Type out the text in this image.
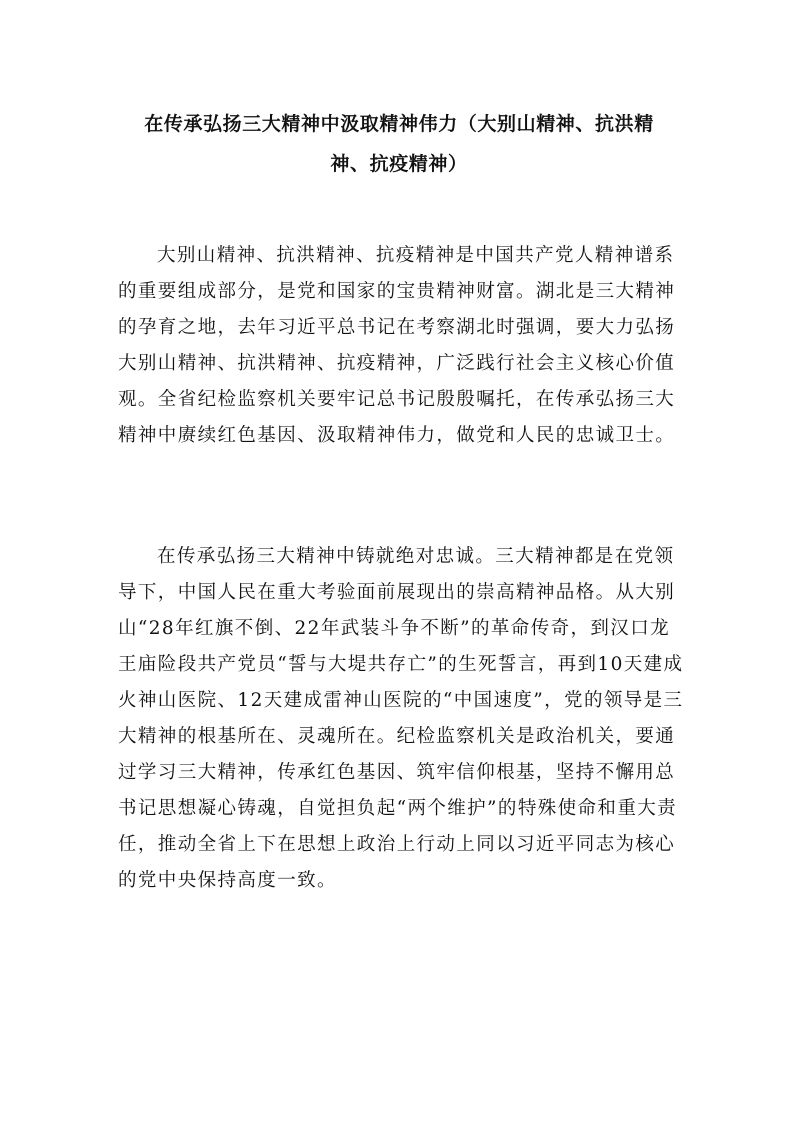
在传承弘扬三大精神中汲取精神伟力（大别山精神、抗洪精
神、抗疫精神）

大别山精神、抗洪精神、抗疫精神是中国共产党人精神谱系的重要组成部分，是党和国家的宝贵精神财富。湖北是三大精神的孕育之地，去年习近平总书记在考察湖北时强调，要大力弘扬大别山精神、抗洪精神、抗疫精神，广泛践行社会主义核心价值观。全省纪检监察机关要牢记总书记殷殷嘱托，在传承弘扬三大精神中赓续红色基因、汲取精神伟力，做党和人民的忠诚卫士。

在传承弘扬三大精神中铸就绝对忠诚。三大精神都是在党领导下，中国人民在重大考验面前展现出的崇高精神品格。从大别山“28年红旗不倒、22年武装斗争不断”的革命传奇，到汉口龙王庙险段共产党员“誓与大堤共存亡”的生死誓言，再到10天建成火神山医院、12天建成雷神山医院的“中国速度”，党的领导是三大精神的根基所在、灵魂所在。纪检监察机关是政治机关，要通过学习三大精神，传承红色基因、筑牢信仰根基，坚持不懈用总书记思想凝心铸魂，自觉担负起“两个维护”的特殊使命和重大责任，推动全省上下在思想上政治上行动上同以习近平同志为核心的党中央保持高度一致。
